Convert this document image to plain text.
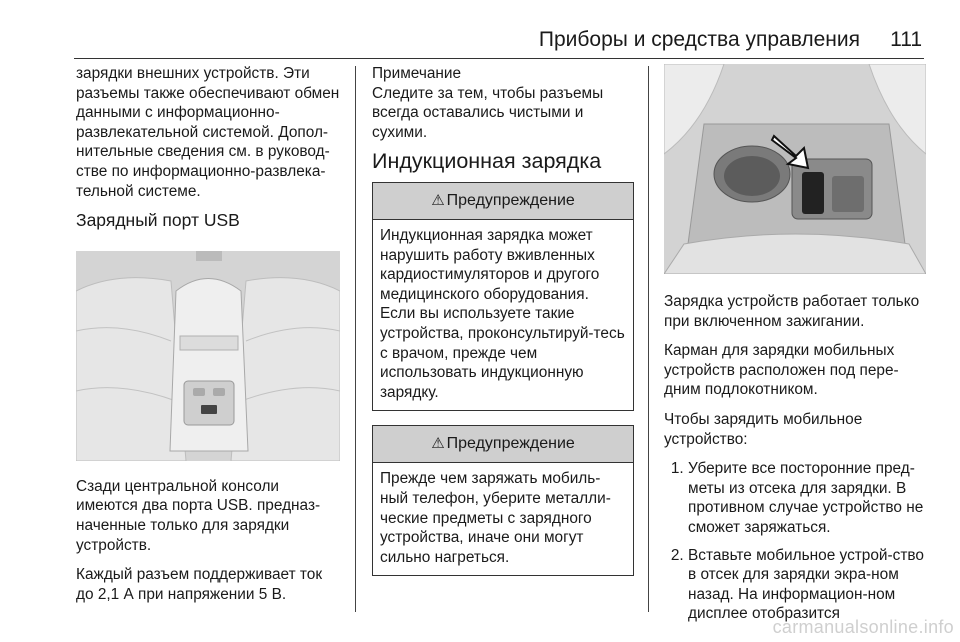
Приборы и средства управления 111

зарядки внешних устройств. Эти разъемы также обеспечивают обмен данными с информационно-развлекательной системой. Допол-нительные сведения см. в руковод-стве по информационно-развлека-тельной системе.

Зарядный порт USB

Сзади центральной консоли имеются два порта USB. предназ-наченные только для зарядки устройств.

Каждый разъем поддерживает ток до 2,1 А при напряжении 5 В.

Примечание

Следите за тем, чтобы разъемы всегда оставались чистыми и сухими.

Индукционная зарядка
⚠ Предупреждение
Индукционная зарядка может нарушить работу вживленных кардиостимуляторов и другого медицинского оборудования. Если вы используете такие устройства, проконсультируй-тесь с врачом, прежде чем использовать индукционную зарядку.
⚠ Предупреждение
Прежде чем заряжать мобиль-ный телефон, уберите металли-ческие предметы с зарядного устройства, иначе они могут сильно нагреться.

Зарядка устройств работает только при включенном зажигании.

Карман для зарядки мобильных устройств расположен под пере-дним подлокотником.

Чтобы зарядить мобильное устройство:

1. Уберите все посторонние пред-меты из отсека для зарядки. В противном случае устройство не сможет заряжаться.
2. Вставьте мобильное устрой-ство в отсек для зарядки экра-ном назад. На информацион-ном дисплее отобразится
carmanualsonline.info
